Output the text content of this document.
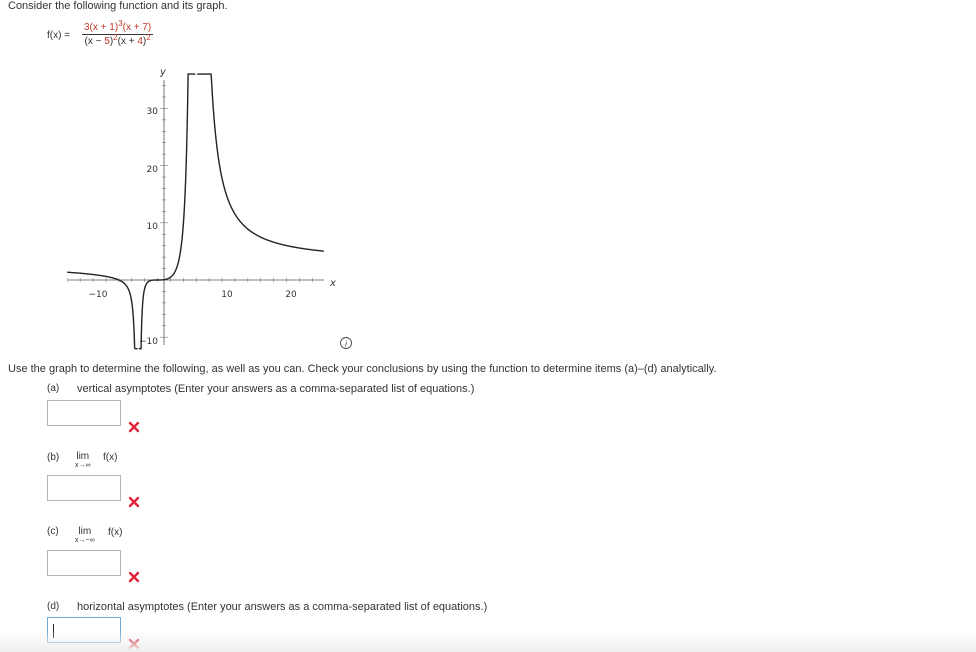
Consider the following function and its graph.
$f(x) = \frac{3(x + 1)^3(x + 7)}{(x - 5)^2(x + 4)^2}$
y
x
−10	10	20
30
20
10
−10	i
Use the graph to determine the following, as well as you can. Check your conclusions by using the function to determine items (a)–(d) analytically.
(a) vertical asymptotes (Enter your answers as a comma-separated list of equations.)
(b) lim
x→∞
f(x)
(c)	lim
x→−∞
f(x)
(d) horizontal asymptotes (Enter your answers as a comma-separated list of equations.)
